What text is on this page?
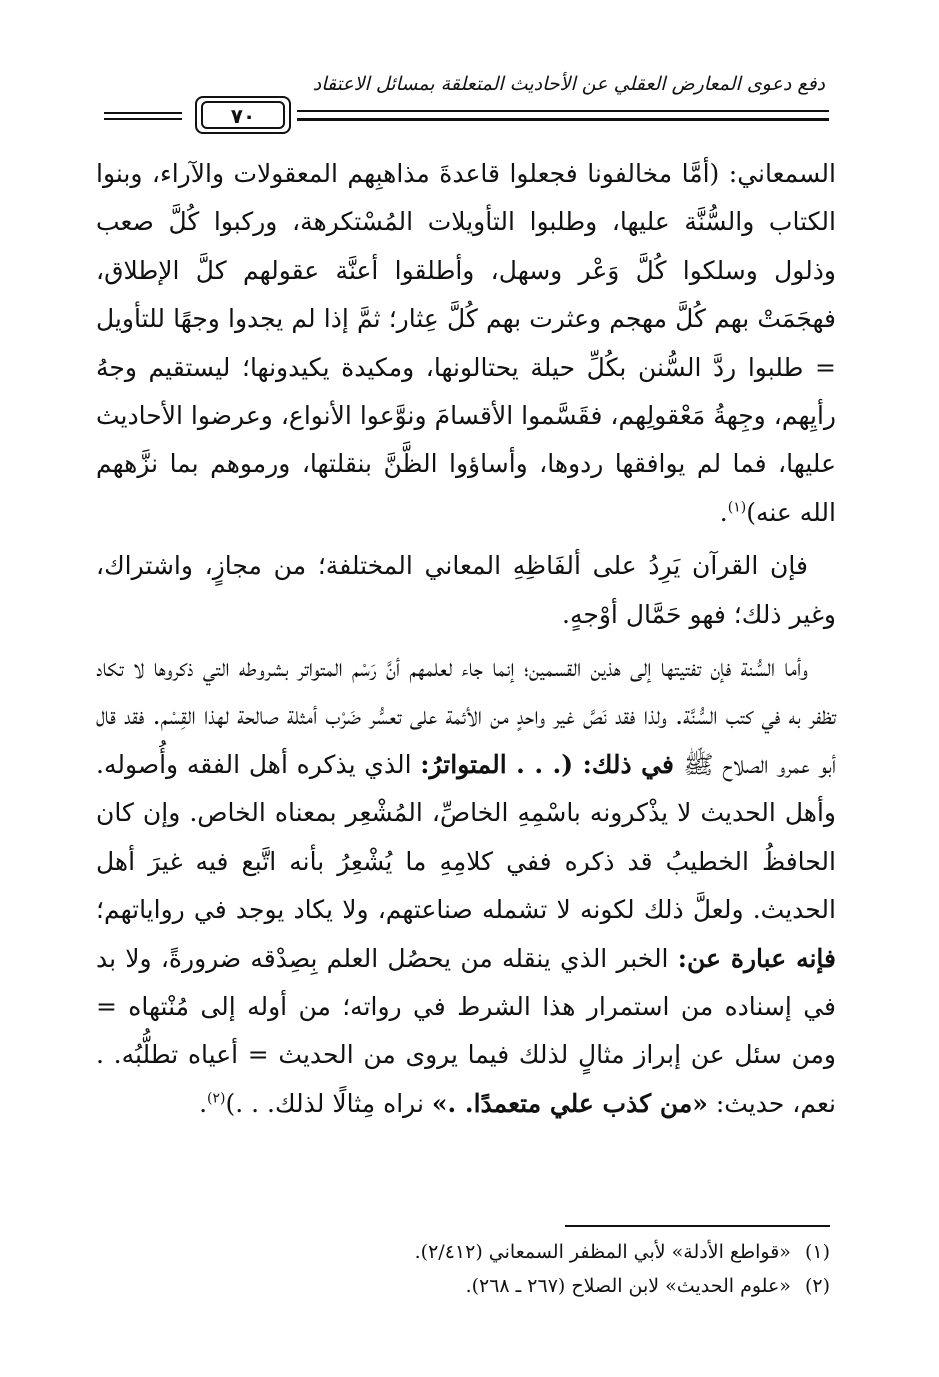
دفع دعوى المعارض العقلي عن الأحاديث المتعلقة بمسائل الاعتقاد
٧٠

السمعاني: (أمَّا مخالفونا فجعلوا قاعدةَ مذاهبِهم المعقولات والآراء، وبنوا الكتاب والسُّنَّة عليها، وطلبوا التأويلات المُسْتكرهة، وركبوا كُلَّ صعب وذلول وسلكوا كُلَّ وَعْر وسهل، وأطلقوا أعنَّة عقولهم كلَّ الإطلاق، فهجَمَتْ بهم كُلَّ مهجم وعثرت بهم كُلَّ عِثار؛ ثمَّ إذا لم يجدوا وجهًا للتأويل = طلبوا ردَّ السُّنن بكُلِّ حيلة يحتالونها، ومكيدة يكيدونها؛ ليستقيم وجهُ رأيِهم، وجِهةُ مَعْقولِهم، فقَسَّموا الأقسامَ ونوَّعوا الأنواع، وعرضوا الأحاديث عليها، فما لم يوافقها ردوها، وأساؤوا الظَّنَّ بنقلتها، ورموهم بما نزَّههم الله عنه)$^{(١)}$.

فإن القرآن يَرِدُ على ألفَاظِهِ المعاني المختلفة؛ من مجازٍ، واشتراك، وغير ذلك؛ فهو حَمَّال أوْجهٍ.

وأما السُّنة فإن تفتيتها إلى هذين القسمين؛ إنما جاء لعلمهم أنَّ رَسْم المتواتر بشروطه التي ذكروها لا تكاد تظفر به في كتب السُّنَّة. ولذا فقد نَصَّ غير واحدٍ من الأئمة على تعسُّر ضَرْب أمثلة صالحة لهذا القِسْم. فقد قال أبو عمرو الصلاح ﷺ في ذلك: (. . . المتواترُ: الذي يذكره أهل الفقه وأُصوله. وأهل الحديث لا يذْكرونه باسْمِهِ الخاصِّ، المُشْعِر بمعناه الخاص. وإن كان الحافظُ الخطيبُ قد ذكره ففي كلامِهِ ما يُشْعِرُ بأنه اتَّبع فيه غيرَ أهل الحديث. ولعلَّ ذلك لكونه لا تشمله صناعتهم، ولا يكاد يوجد في رواياتهم؛ فإنه عبارة عن: الخبر الذي ينقله من يحصُل العلم بِصِدْقه ضرورةً، ولا بد في إسناده من استمرار هذا الشرط في رواته؛ من أوله إلى مُنْتهاه = ومن سئل عن إبراز مثالٍ لذلك فيما يروى من الحديث = أعياه تطلُّبُه. . نعم، حديث: «من كذب علي متعمدًا. .» نراه مِثالًا لذلك. . .)$^{(٢)}$.

(١)«قواطع الأدلة» لأبي المظفر السمعاني (٢/٤١٢).
(٢)«علوم الحديث» لابن الصلاح (٢٦٧ ـ ٢٦٨).
